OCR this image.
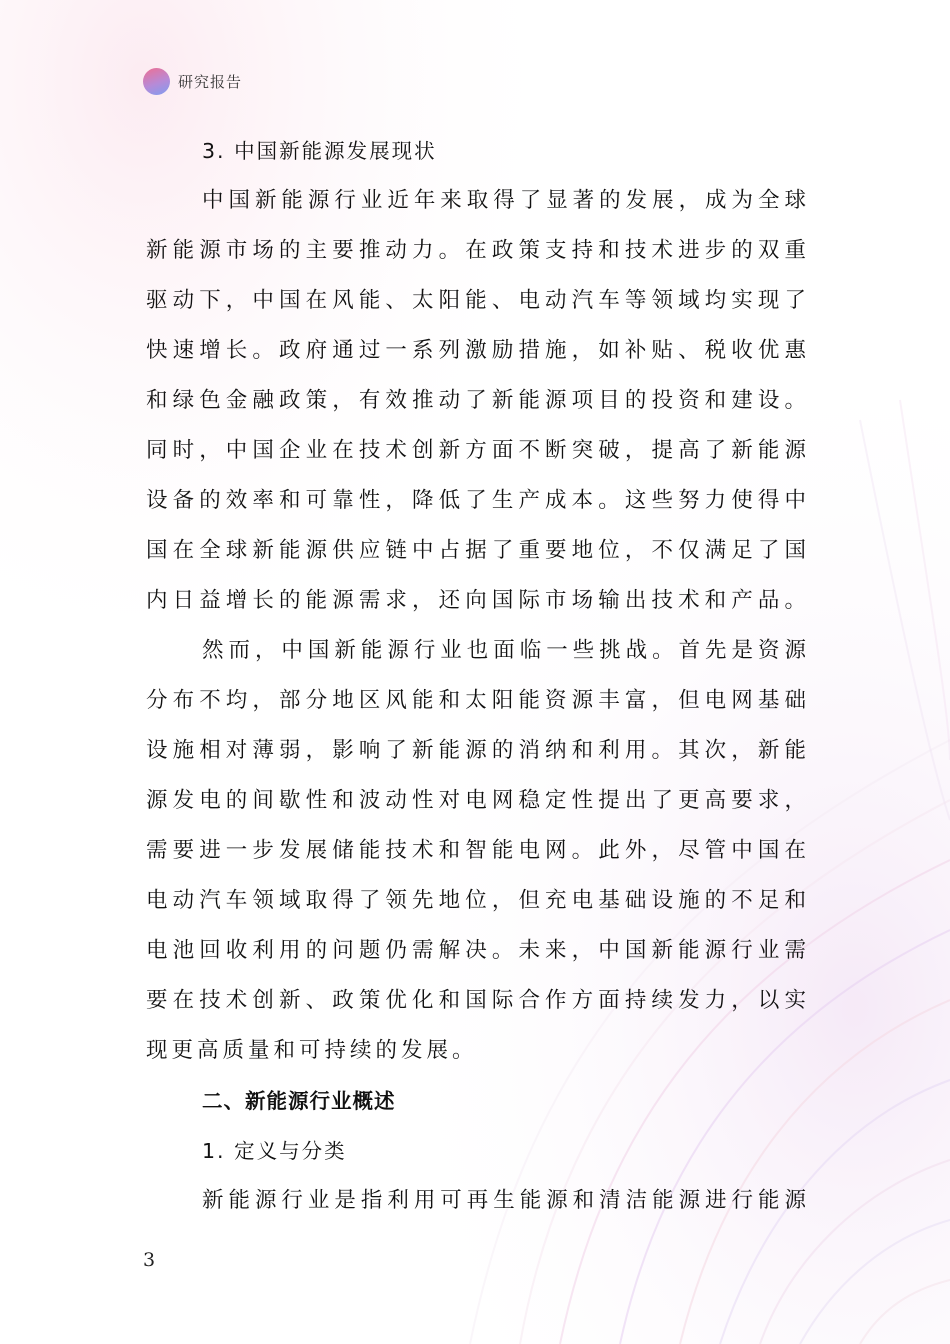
研究报告
3. 中国新能源发展现状
中国新能源行业近年来取得了显著的发展，成为全球
新能源市场的主要推动力。在政策支持和技术进步的双重
驱动下，中国在风能、太阳能、电动汽车等领域均实现了
快速增长。政府通过一系列激励措施，如补贴、税收优惠
和绿色金融政策，有效推动了新能源项目的投资和建设。
同时，中国企业在技术创新方面不断突破，提高了新能源
设备的效率和可靠性，降低了生产成本。这些努力使得中
国在全球新能源供应链中占据了重要地位，不仅满足了国
内日益增长的能源需求，还向国际市场输出技术和产品。
然而，中国新能源行业也面临一些挑战。首先是资源
分布不均，部分地区风能和太阳能资源丰富，但电网基础
设施相对薄弱，影响了新能源的消纳和利用。其次，新能
源发电的间歇性和波动性对电网稳定性提出了更高要求，
需要进一步发展储能技术和智能电网。此外，尽管中国在
电动汽车领域取得了领先地位，但充电基础设施的不足和
电池回收利用的问题仍需解决。未来，中国新能源行业需
要在技术创新、政策优化和国际合作方面持续发力，以实
现更高质量和可持续的发展。
二、新能源行业概述
1. 定义与分类
新能源行业是指利用可再生能源和清洁能源进行能源
3
